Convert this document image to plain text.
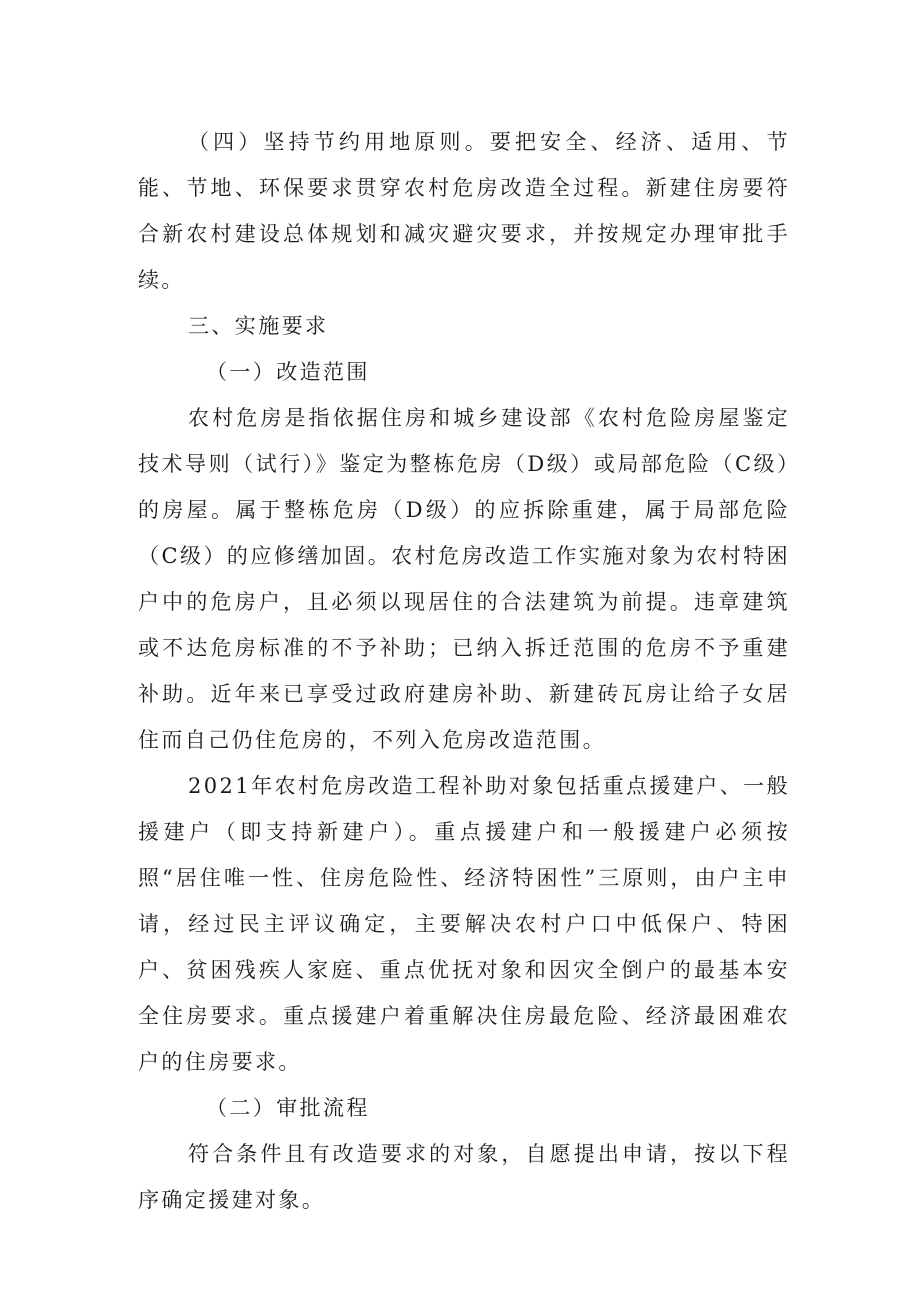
（四）坚持节约用地原则。要把安全、经济、适用、节能、节地、环保要求贯穿农村危房改造全过程。新建住房要符合新农村建设总体规划和减灾避灾要求，并按规定办理审批手续。

三、实施要求

（一）改造范围

农村危房是指依据住房和城乡建设部《农村危险房屋鉴定技术导则（试行）》鉴定为整栋危房（D级）或局部危险（C级）的房屋。属于整栋危房（D级）的应拆除重建，属于局部危险（C级）的应修缮加固。农村危房改造工作实施对象为农村特困户中的危房户，且必须以现居住的合法建筑为前提。违章建筑或不达危房标准的不予补助；已纳入拆迁范围的危房不予重建补助。近年来已享受过政府建房补助、新建砖瓦房让给子女居住而自己仍住危房的，不列入危房改造范围。

2021年农村危房改造工程补助对象包括重点援建户、一般援建户（即支持新建户）。重点援建户和一般援建户必须按照“居住唯一性、住房危险性、经济特困性”三原则，由户主申请，经过民主评议确定，主要解决农村户口中低保户、特困户、贫困残疾人家庭、重点优抚对象和因灾全倒户的最基本安全住房要求。重点援建户着重解决住房最危险、经济最困难农户的住房要求。

（二）审批流程

符合条件且有改造要求的对象，自愿提出申请，按以下程序确定援建对象。
